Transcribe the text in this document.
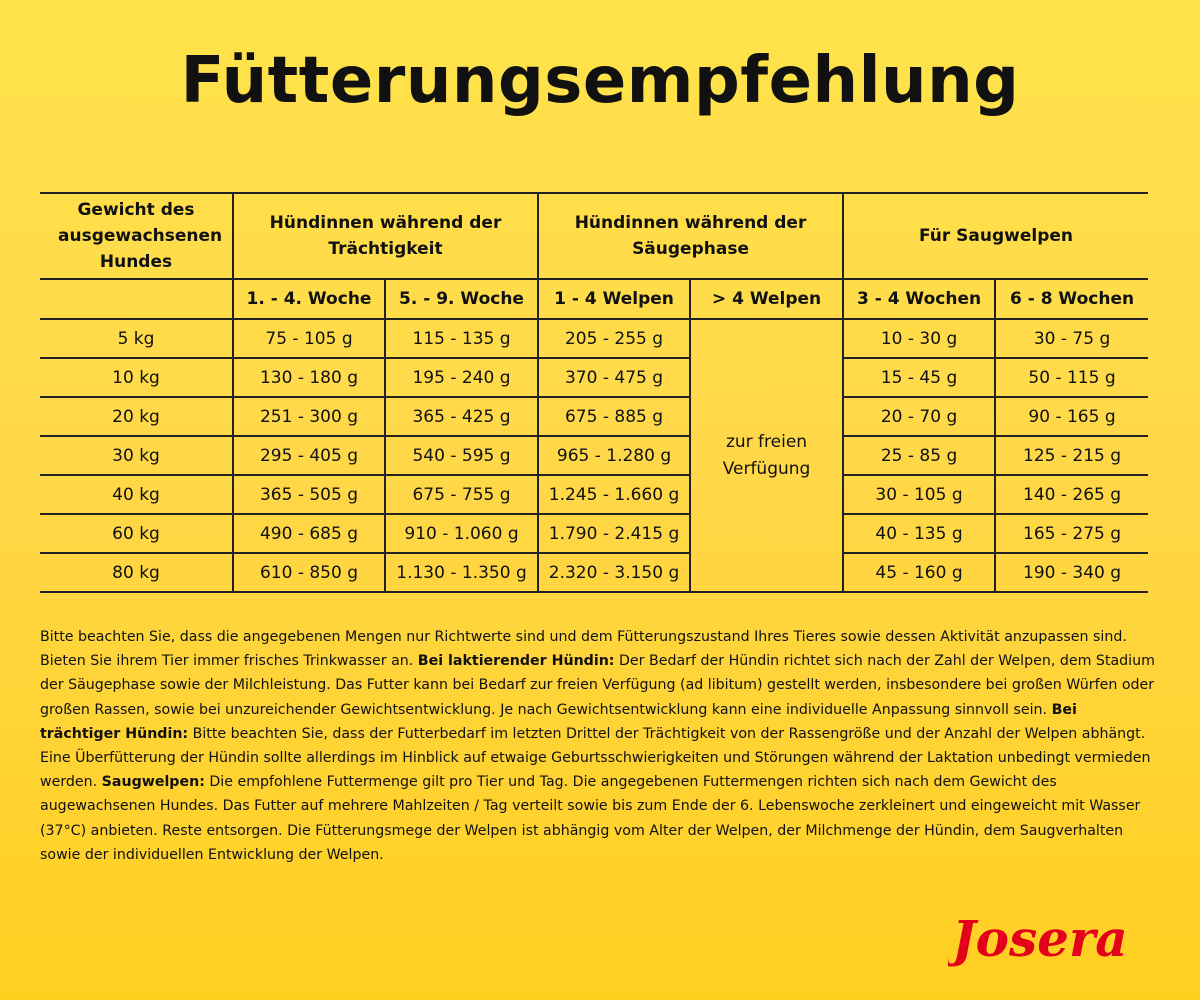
Fütterungsempfehlung
Gewicht des ausgewachsenen Hundes	Hündinnen während der Trächtigkeit		Hündinnen während der Säugephase		Für Saugwelpen	
	1. - 4. Woche	5. - 9. Woche	1 - 4 Welpen	> 4 Welpen	3 - 4 Wochen	6 - 8 Wochen
5 kg	75 - 105 g	115 - 135 g	205 - 255 g	zur freien Verfügung	10 - 30 g	30 - 75 g
10 kg	130 - 180 g	195 - 240 g	370 - 475 g		15 - 45 g	50 - 115 g
20 kg	251 - 300 g	365 - 425 g	675 - 885 g		20 - 70 g	90 - 165 g
30 kg	295 - 405 g	540 - 595 g	965 - 1.280 g		25 - 85 g	125 - 215 g
40 kg	365 - 505 g	675 - 755 g	1.245 - 1.660 g		30 - 105 g	140 - 265 g
60 kg	490 - 685 g	910 - 1.060 g	1.790 - 2.415 g		40 - 135 g	165 - 275 g
80 kg	610 - 850 g	1.130 - 1.350 g	2.320 - 3.150 g		45 - 160 g	190 - 340 g
Bitte beachten Sie, dass die angegebenen Mengen nur Richtwerte sind und dem Fütterungszustand Ihres Tieres sowie dessen Aktivität anzupassen sind. Bieten Sie ihrem Tier immer frisches Trinkwasser an. Bei laktierender Hündin: Der Bedarf der Hündin richtet sich nach der Zahl der Welpen, dem Stadium der Säugephase sowie der Milchleistung. Das Futter kann bei Bedarf zur freien Verfügung (ad libitum) gestellt werden, insbesondere bei großen Würfen oder großen Rassen, sowie bei unzureichender Gewichtsentwicklung. Je nach Gewichtsentwicklung kann eine individuelle Anpassung sinnvoll sein. Bei trächtiger Hündin: Bitte beachten Sie, dass der Futterbedarf im letzten Drittel der Trächtigkeit von der Rassengröße und der Anzahl der Welpen abhängt. Eine Überfütterung der Hündin sollte allerdings im Hinblick auf etwaige Geburtsschwierigkeiten und Störungen während der Laktation unbedingt vermieden werden. Saugwelpen: Die empfohlene Futtermenge gilt pro Tier und Tag. Die angegebenen Futtermengen richten sich nach dem Gewicht des augewachsenen Hundes. Das Futter auf mehrere Mahlzeiten / Tag verteilt sowie bis zum Ende der 6. Lebenswoche zerkleinert und eingeweicht mit Wasser (37°C) anbieten. Reste entsorgen. Die Fütterungsmege der Welpen ist abhängig vom Alter der Welpen, der Milchmenge der Hündin, dem Saugverhalten sowie der individuellen Entwicklung der Welpen.
Josera
